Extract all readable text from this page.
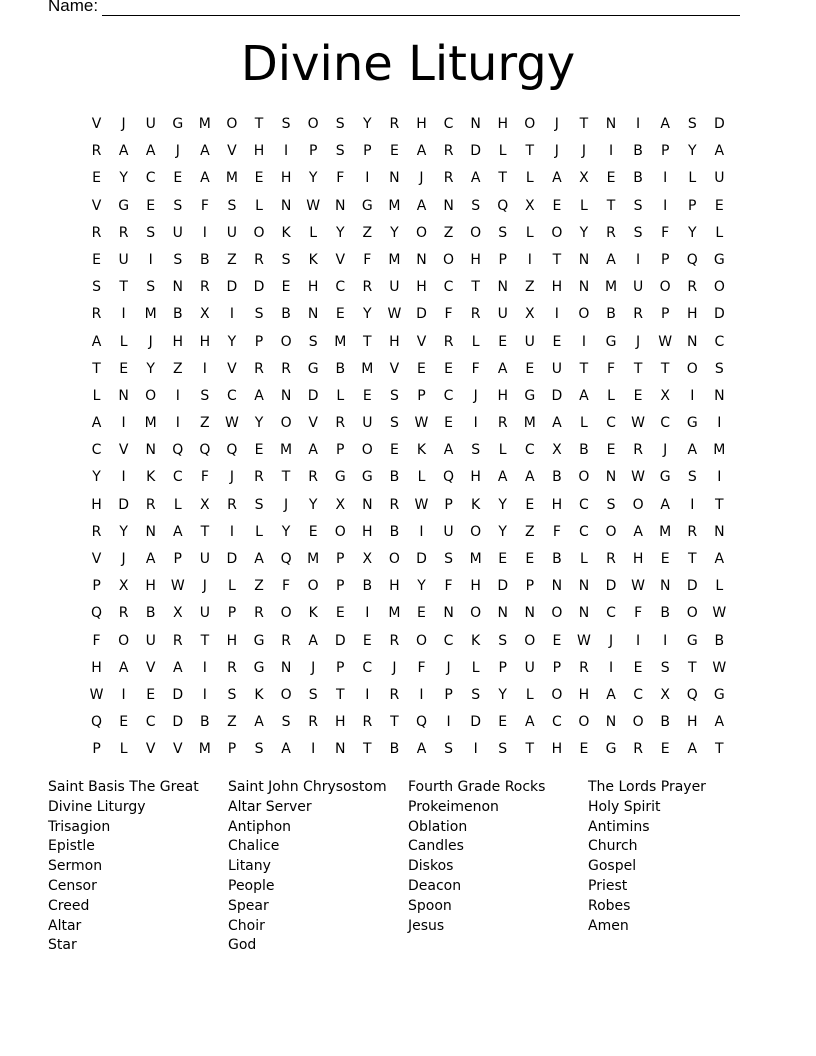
Name:
Divine Liturgy
V	J	U	G	M	O	T	S	O	S	Y	R	H	C	N	H	O	J	T	N	I	A	S	D
R	A	A	J	A	V	H	I	P	S	P	E	A	R	D	L	T	J	J	I	B	P	Y	A
E	Y	C	E	A	M	E	H	Y	F	I	N	J	R	A	T	L	A	X	E	B	I	L	U
V	G	E	S	F	S	L	N	W	N	G	M	A	N	S	Q	X	E	L	T	S	I	P	E
R	R	S	U	I	U	O	K	L	Y	Z	Y	O	Z	O	S	L	O	Y	R	S	F	Y	L
E	U	I	S	B	Z	R	S	K	V	F	M	N	O	H	P	I	T	N	A	I	P	Q	G
S	T	S	N	R	D	D	E	H	C	R	U	H	C	T	N	Z	H	N	M	U	O	R	O
R	I	M	B	X	I	S	B	N	E	Y	W	D	F	R	U	X	I	O	B	R	P	H	D
A	L	J	H	H	Y	P	O	S	M	T	H	V	R	L	E	U	E	I	G	J	W	N	C
T	E	Y	Z	I	V	R	R	G	B	M	V	E	E	F	A	E	U	T	F	T	T	O	S
L	N	O	I	S	C	A	N	D	L	E	S	P	C	J	H	G	D	A	L	E	X	I	N
A	I	M	I	Z	W	Y	O	V	R	U	S	W	E	I	R	M	A	L	C	W	C	G	I
C	V	N	Q	Q	Q	E	M	A	P	O	E	K	A	S	L	C	X	B	E	R	J	A	M
Y	I	K	C	F	J	R	T	R	G	G	B	L	Q	H	A	A	B	O	N	W	G	S	I
H	D	R	L	X	R	S	J	Y	X	N	R	W	P	K	Y	E	H	C	S	O	A	I	T
R	Y	N	A	T	I	L	Y	E	O	H	B	I	U	O	Y	Z	F	C	O	A	M	R	N
V	J	A	P	U	D	A	Q	M	P	X	O	D	S	M	E	E	B	L	R	H	E	T	A
P	X	H	W	J	L	Z	F	O	P	B	H	Y	F	H	D	P	N	N	D	W	N	D	L
Q	R	B	X	U	P	R	O	K	E	I	M	E	N	O	N	N	O	N	C	F	B	O	W
F	O	U	R	T	H	G	R	A	D	E	R	O	C	K	S	O	E	W	J	I	I	G	B
H	A	V	A	I	R	G	N	J	P	C	J	F	J	L	P	U	P	R	I	E	S	T	W
W	I	E	D	I	S	K	O	S	T	I	R	I	P	S	Y	L	O	H	A	C	X	Q	G
Q	E	C	D	B	Z	A	S	R	H	R	T	Q	I	D	E	A	C	O	N	O	B	H	A
P	L	V	V	M	P	S	A	I	N	T	B	A	S	I	S	T	H	E	G	R	E	A	T
Saint Basis The Great
Divine Liturgy
Trisagion
Epistle
Sermon
Censor
Creed
Altar
Star
Saint John Chrysostom
Altar Server
Antiphon
Chalice
Litany
People
Spear
Choir
God
Fourth Grade Rocks
Prokeimenon
Oblation
Candles
Diskos
Deacon
Spoon
Jesus
The Lords Prayer
Holy Spirit
Antimins
Church
Gospel
Priest
Robes
Amen
